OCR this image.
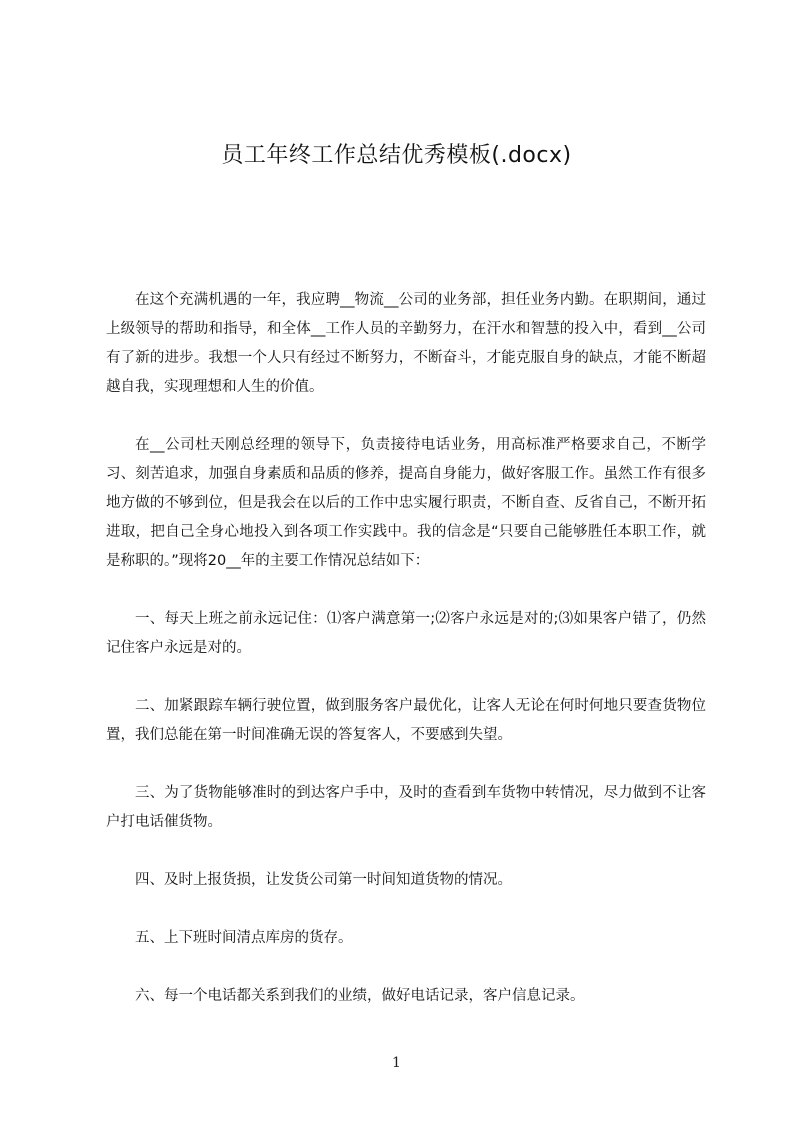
员工年终工作总结优秀模板(.docx)

在这个充满机遇的一年，我应聘__物流__公司的业务部，担任业务内勤。在职期间，通过上级领导的帮助和指导，和全体__工作人员的辛勤努力，在汗水和智慧的投入中，看到__公司有了新的进步。我想一个人只有经过不断努力，不断奋斗，才能克服自身的缺点，才能不断超越自我，实现理想和人生的价值。

在__公司杜天刚总经理的领导下，负责接待电话业务，用高标准严格要求自己，不断学习、刻苦追求，加强自身素质和品质的修养，提高自身能力，做好客服工作。虽然工作有很多地方做的不够到位，但是我会在以后的工作中忠实履行职责，不断自查、反省自己，不断开拓进取，把自己全身心地投入到各项工作实践中。我的信念是“只要自己能够胜任本职工作，就是称职的。”现将20__年的主要工作情况总结如下：

一、每天上班之前永远记住：⑴客户满意第一;⑵客户永远是对的;⑶如果客户错了，仍然记住客户永远是对的。

二、加紧跟踪车辆行驶位置，做到服务客户最优化，让客人无论在何时何地只要查货物位置，我们总能在第一时间准确无误的答复客人，不要感到失望。

三、为了货物能够准时的到达客户手中，及时的查看到车货物中转情况，尽力做到不让客户打电话催货物。

四、及时上报货损，让发货公司第一时间知道货物的情况。

五、上下班时间清点库房的货存。

六、每一个电话都关系到我们的业绩，做好电话记录，客户信息记录。

1
